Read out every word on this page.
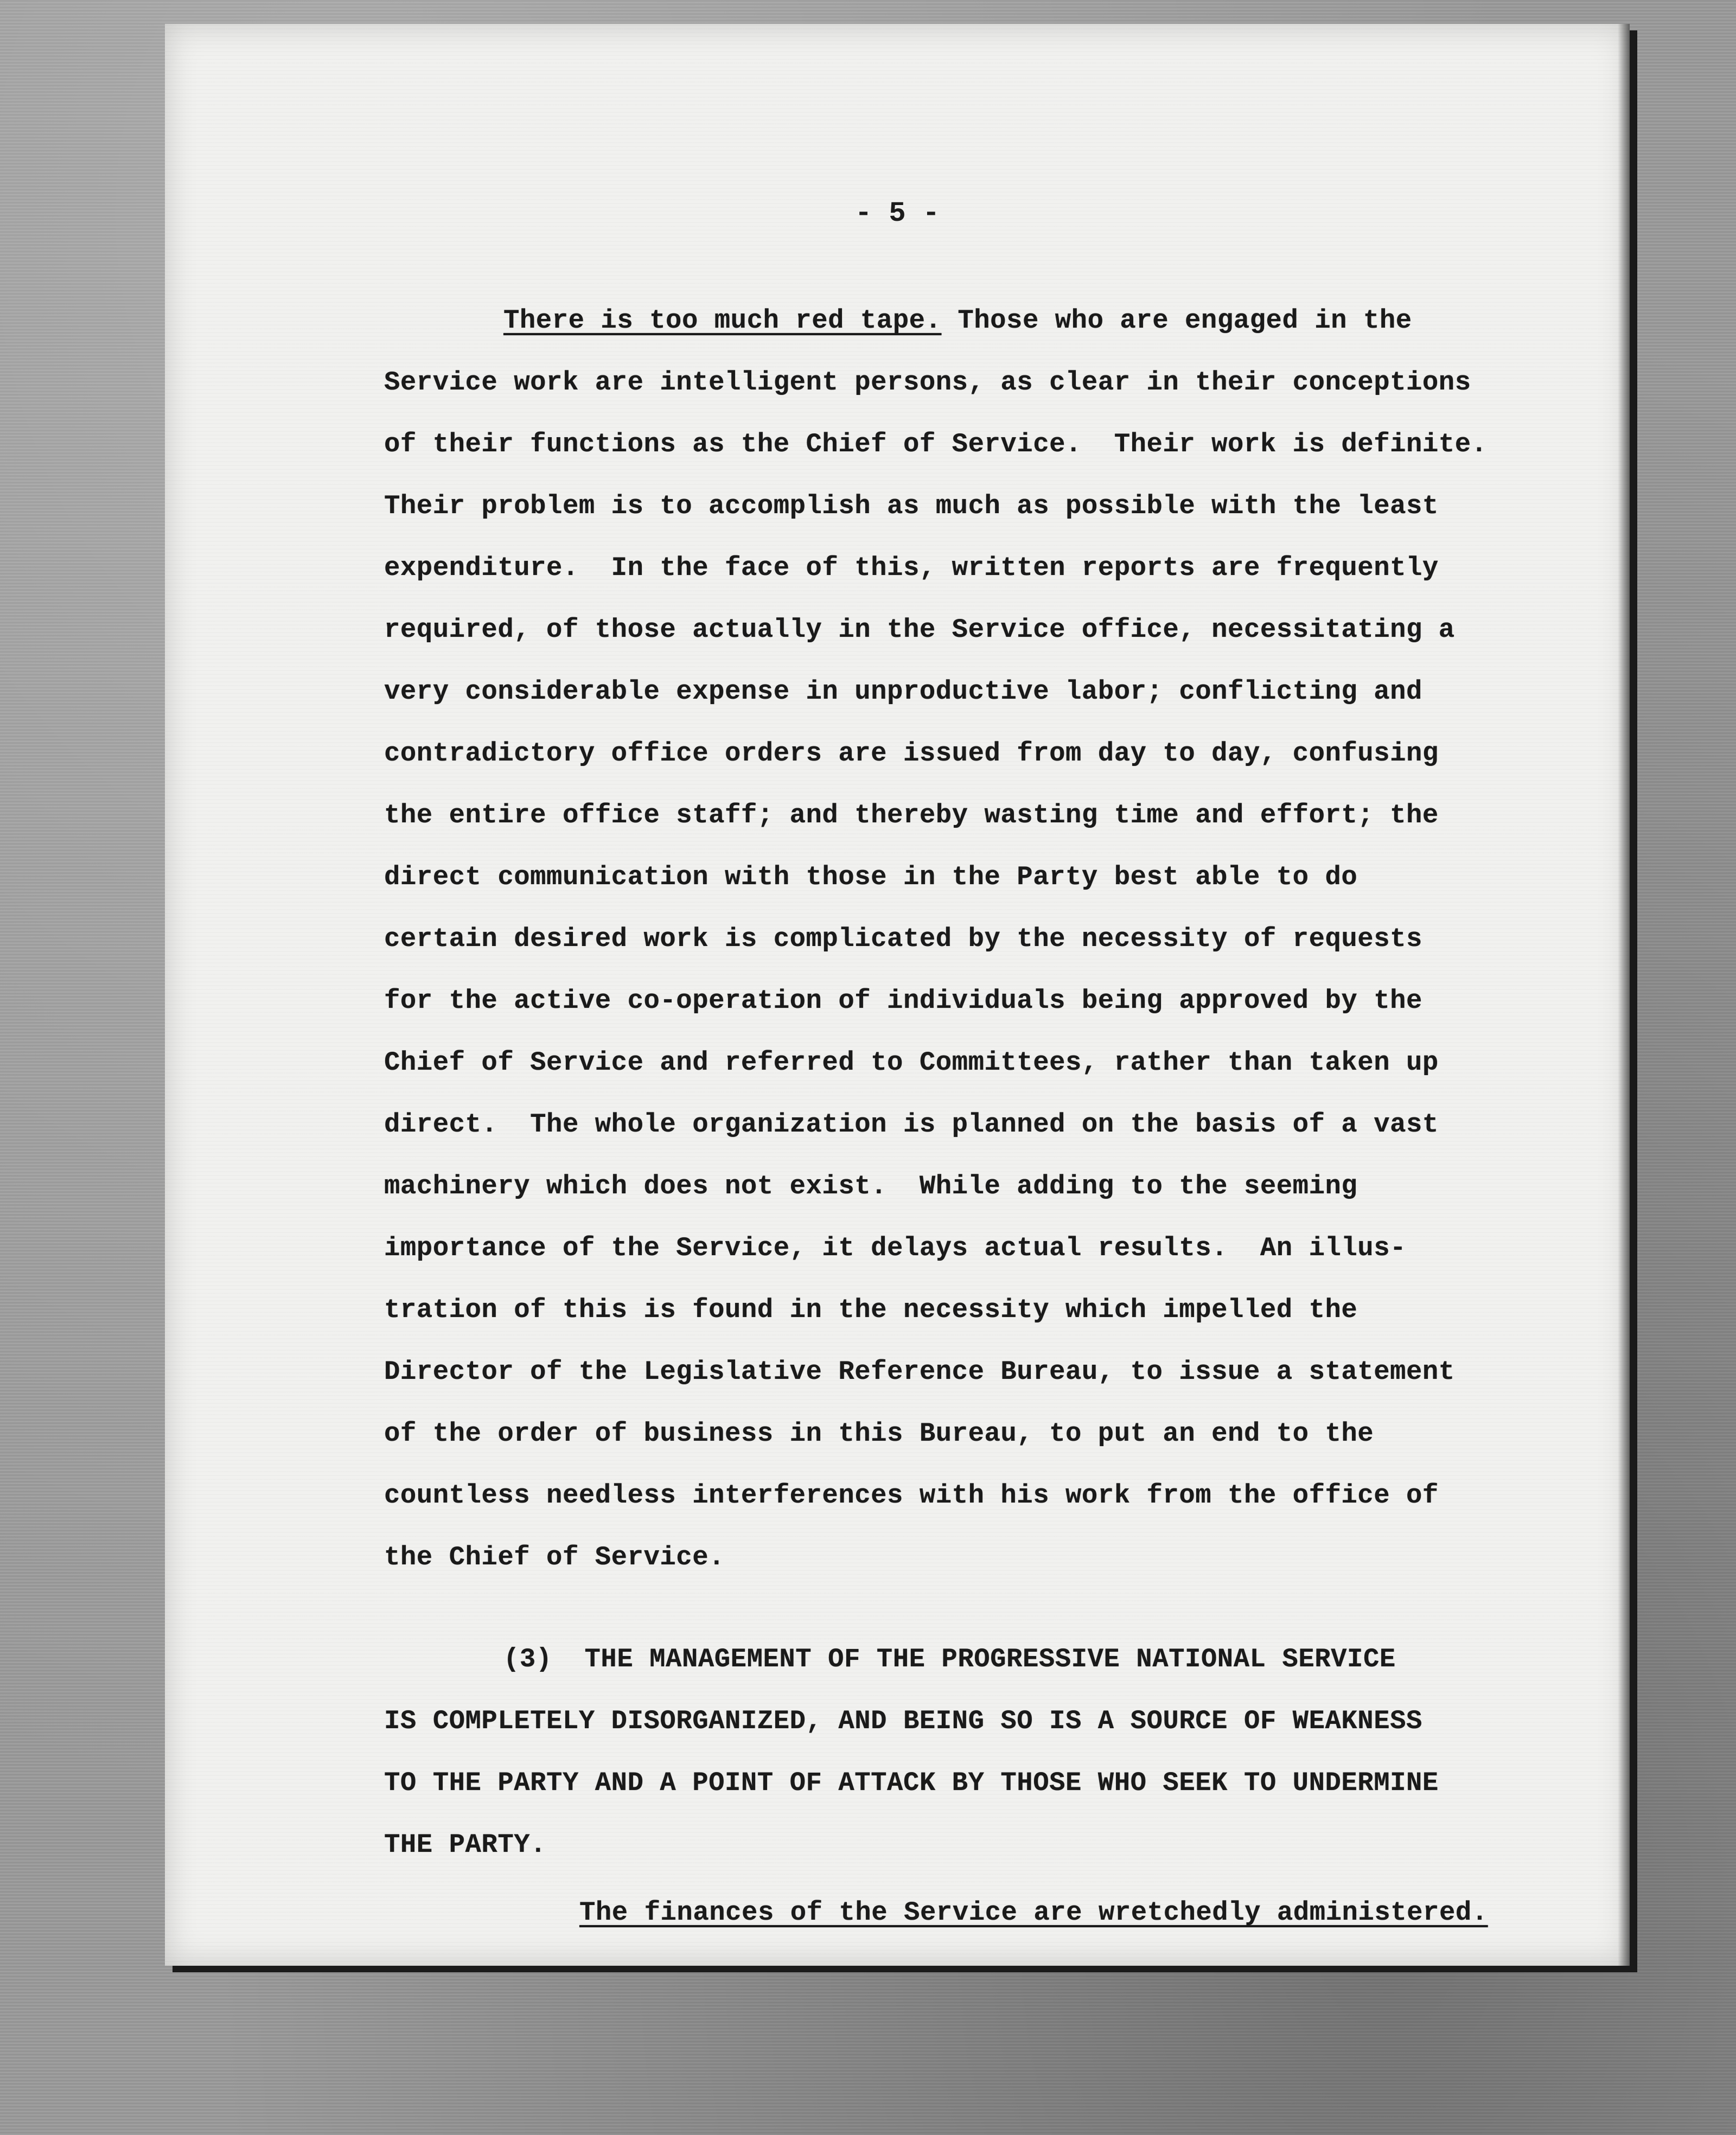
- 5 -
There is too much red tape. Those who are engaged in the
Service work are intelligent persons, as clear in their conceptions
of their functions as the Chief of Service.  Their work is definite.
Their problem is to accomplish as much as possible with the least
expenditure.  In the face of this, written reports are frequently
required, of those actually in the Service office, necessitating a
very considerable expense in unproductive labor; conflicting and
contradictory office orders are issued from day to day, confusing
the entire office staff; and thereby wasting time and effort; the
direct communication with those in the Party best able to do
certain desired work is complicated by the necessity of requests
for the active co-operation of individuals being approved by the
Chief of Service and referred to Committees, rather than taken up
direct.  The whole organization is planned on the basis of a vast
machinery which does not exist.  While adding to the seeming
importance of the Service, it delays actual results.  An illus-
tration of this is found in the necessity which impelled the
Director of the Legislative Reference Bureau, to issue a statement
of the order of business in this Bureau, to put an end to the
countless needless interferences with his work from the office of
the Chief of Service.
(3)  THE MANAGEMENT OF THE PROGRESSIVE NATIONAL SERVICE
IS COMPLETELY DISORGANIZED, AND BEING SO IS A SOURCE OF WEAKNESS
TO THE PARTY AND A POINT OF ATTACK BY THOSE WHO SEEK TO UNDERMINE
THE PARTY.
The finances of the Service are wretchedly administered.
